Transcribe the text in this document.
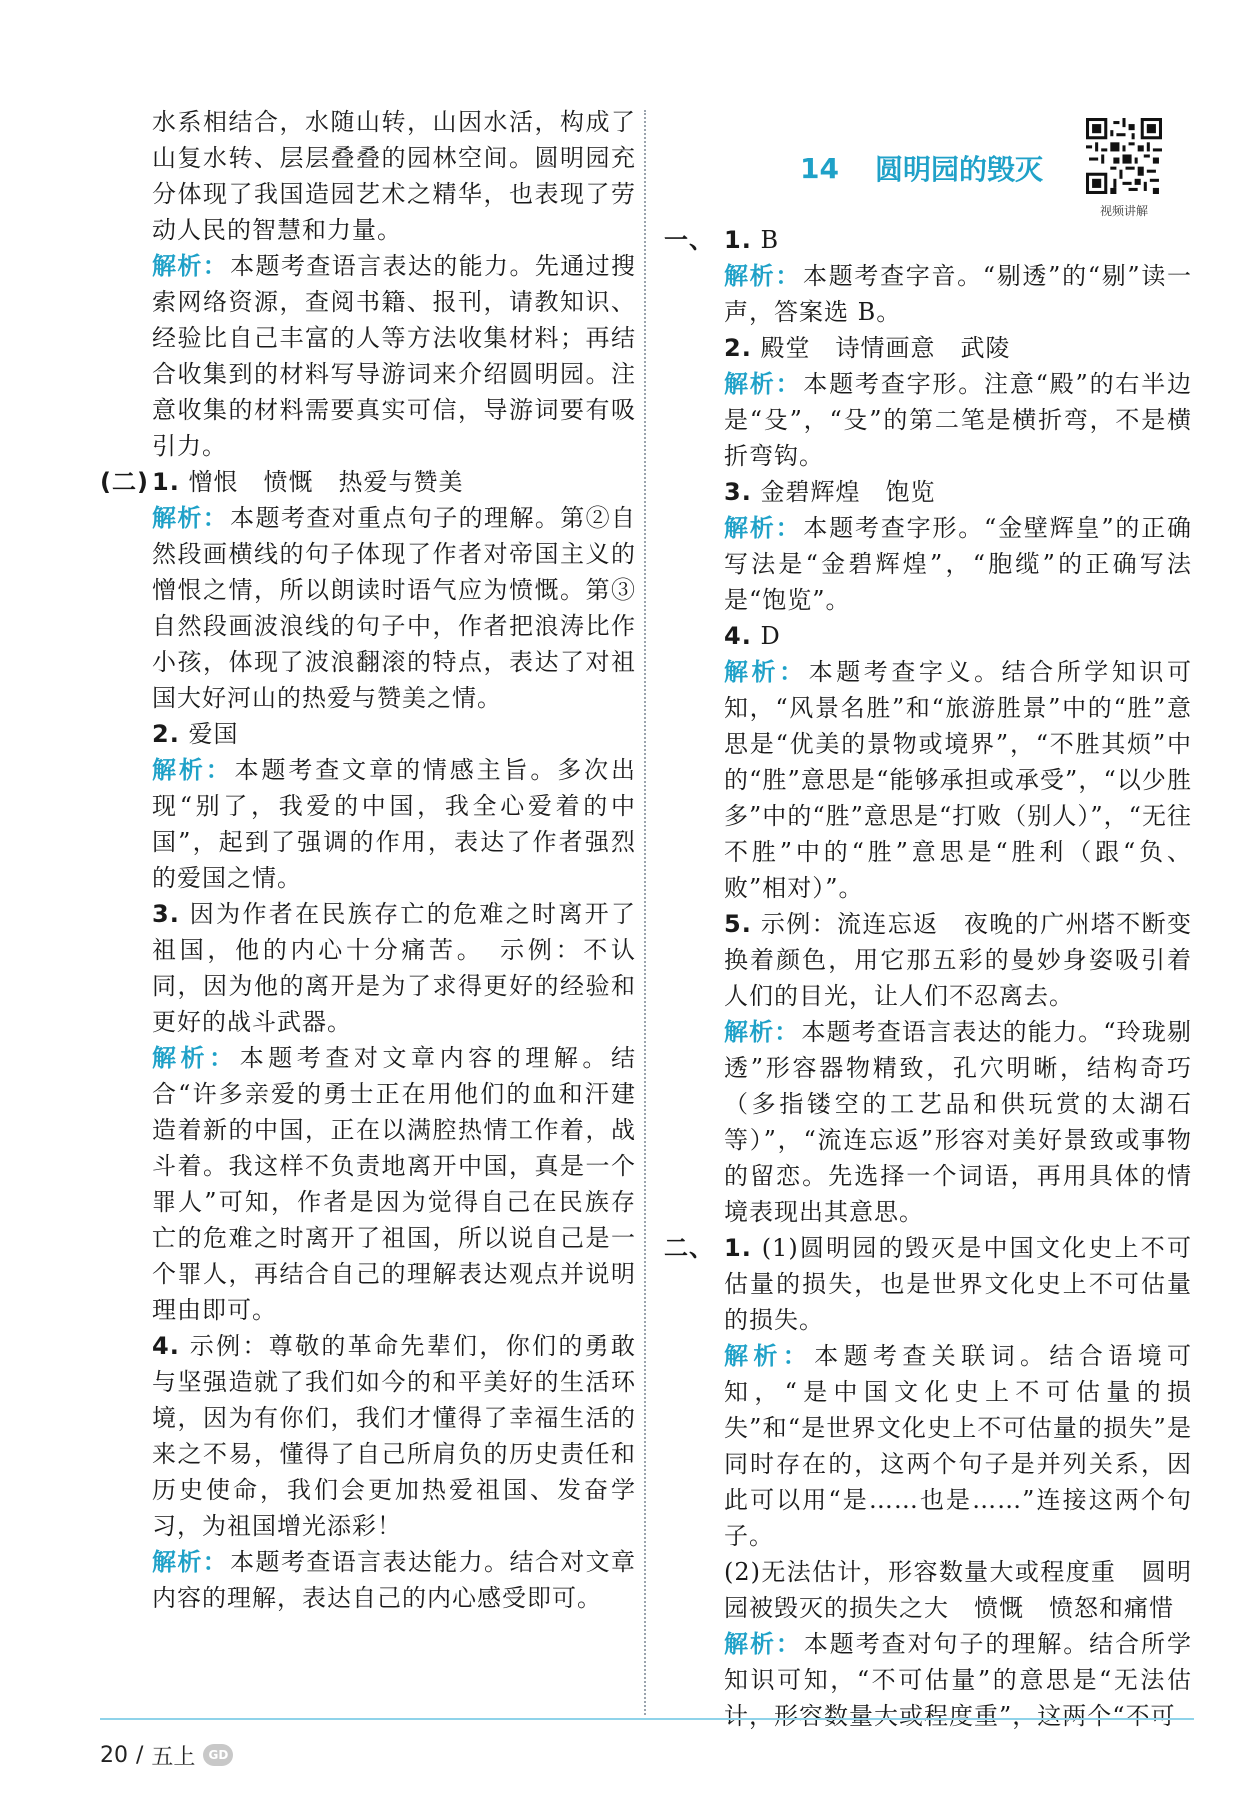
水系相结合，水随山转，山因水活，构成了山复水转、层层叠叠的园林空间。圆明园充分体现了我国造园艺术之精华，也表现了劳动人民的智慧和力量。

解析：本题考查语言表达的能力。先通过搜索网络资源，查阅书籍、报刊，请教知识、经验比自己丰富的人等方法收集材料；再结合收集到的材料写导游词来介绍圆明园。注意收集的材料需要真实可信，导游词要有吸引力。

(二) 1. 憎恨　愤慨　热爱与赞美

解析：本题考查对重点句子的理解。第②自然段画横线的句子体现了作者对帝国主义的憎恨之情，所以朗读时语气应为愤慨。第③自然段画波浪线的句子中，作者把浪涛比作小孩，体现了波浪翻滚的特点，表达了对祖国大好河山的热爱与赞美之情。

2. 爱国

解析：本题考查文章的情感主旨。多次出现“别了，我爱的中国，我全心爱着的中国”，起到了强调的作用，表达了作者强烈的爱国之情。

3. 因为作者在民族存亡的危难之时离开了祖国，他的内心十分痛苦。　示例：不认同，因为他的离开是为了求得更好的经验和更好的战斗武器。

解析：本题考查对文章内容的理解。结合“许多亲爱的勇士正在用他们的血和汗建造着新的中国，正在以满腔热情工作着，战斗着。我这样不负责地离开中国，真是一个罪人”可知，作者是因为觉得自己在民族存亡的危难之时离开了祖国，所以说自己是一个罪人，再结合自己的理解表达观点并说明理由即可。

4. 示例：尊敬的革命先辈们，你们的勇敢与坚强造就了我们如今的和平美好的生活环境，因为有你们，我们才懂得了幸福生活的来之不易，懂得了自己所肩负的历史责任和历史使命，我们会更加热爱祖国、发奋学习，为祖国增光添彩！

解析：本题考查语言表达能力。结合对文章内容的理解，表达自己的内心感受即可。

14 圆明园的毁灭
视频讲解

一、 1. B

解析：本题考查字音。“剔透”的“剔”读一声，答案选 B。

2. 殿堂　诗情画意　武陵

解析：本题考查字形。注意“殿”的右半边是“殳”，“殳”的第二笔是横折弯，不是横折弯钩。

3. 金碧辉煌　饱览

解析：本题考查字形。“金壁辉皇”的正确写法是“金碧辉煌”，“胞缆”的正确写法是“饱览”。

4. D

解析：本题考查字义。结合所学知识可知，“风景名胜”和“旅游胜景”中的“胜”意思是“优美的景物或境界”，“不胜其烦”中的“胜”意思是“能够承担或承受”，“以少胜多”中的“胜”意思是“打败（别人）”，“无往不胜”中的“胜”意思是“胜利（跟“负、败”相对）”。

5. 示例：流连忘返　夜晚的广州塔不断变换着颜色，用它那五彩的曼妙身姿吸引着人们的目光，让人们不忍离去。

解析：本题考查语言表达的能力。“玲珑剔透”形容器物精致，孔穴明晰，结构奇巧（多指镂空的工艺品和供玩赏的太湖石等）”，“流连忘返”形容对美好景致或事物的留恋。先选择一个词语，再用具体的情境表现出其意思。

二、 1. (1)圆明园的毁灭是中国文化史上不可估量的损失，也是世界文化史上不可估量的损失。

解析：本题考查关联词。结合语境可知，“是中国文化史上不可估量的损失”和“是世界文化史上不可估量的损失”是同时存在的，这两个句子是并列关系，因此可以用“是……也是……”连接这两个句子。

(2)无法估计，形容数量大或程度重　圆明园被毁灭的损失之大　愤慨　愤怒和痛惜

解析：本题考查对句子的理解。结合所学知识可知，“不可估量”的意思是“无法估计，形容数量大或程度重”，这两个“不可

20 / 五上	GD
